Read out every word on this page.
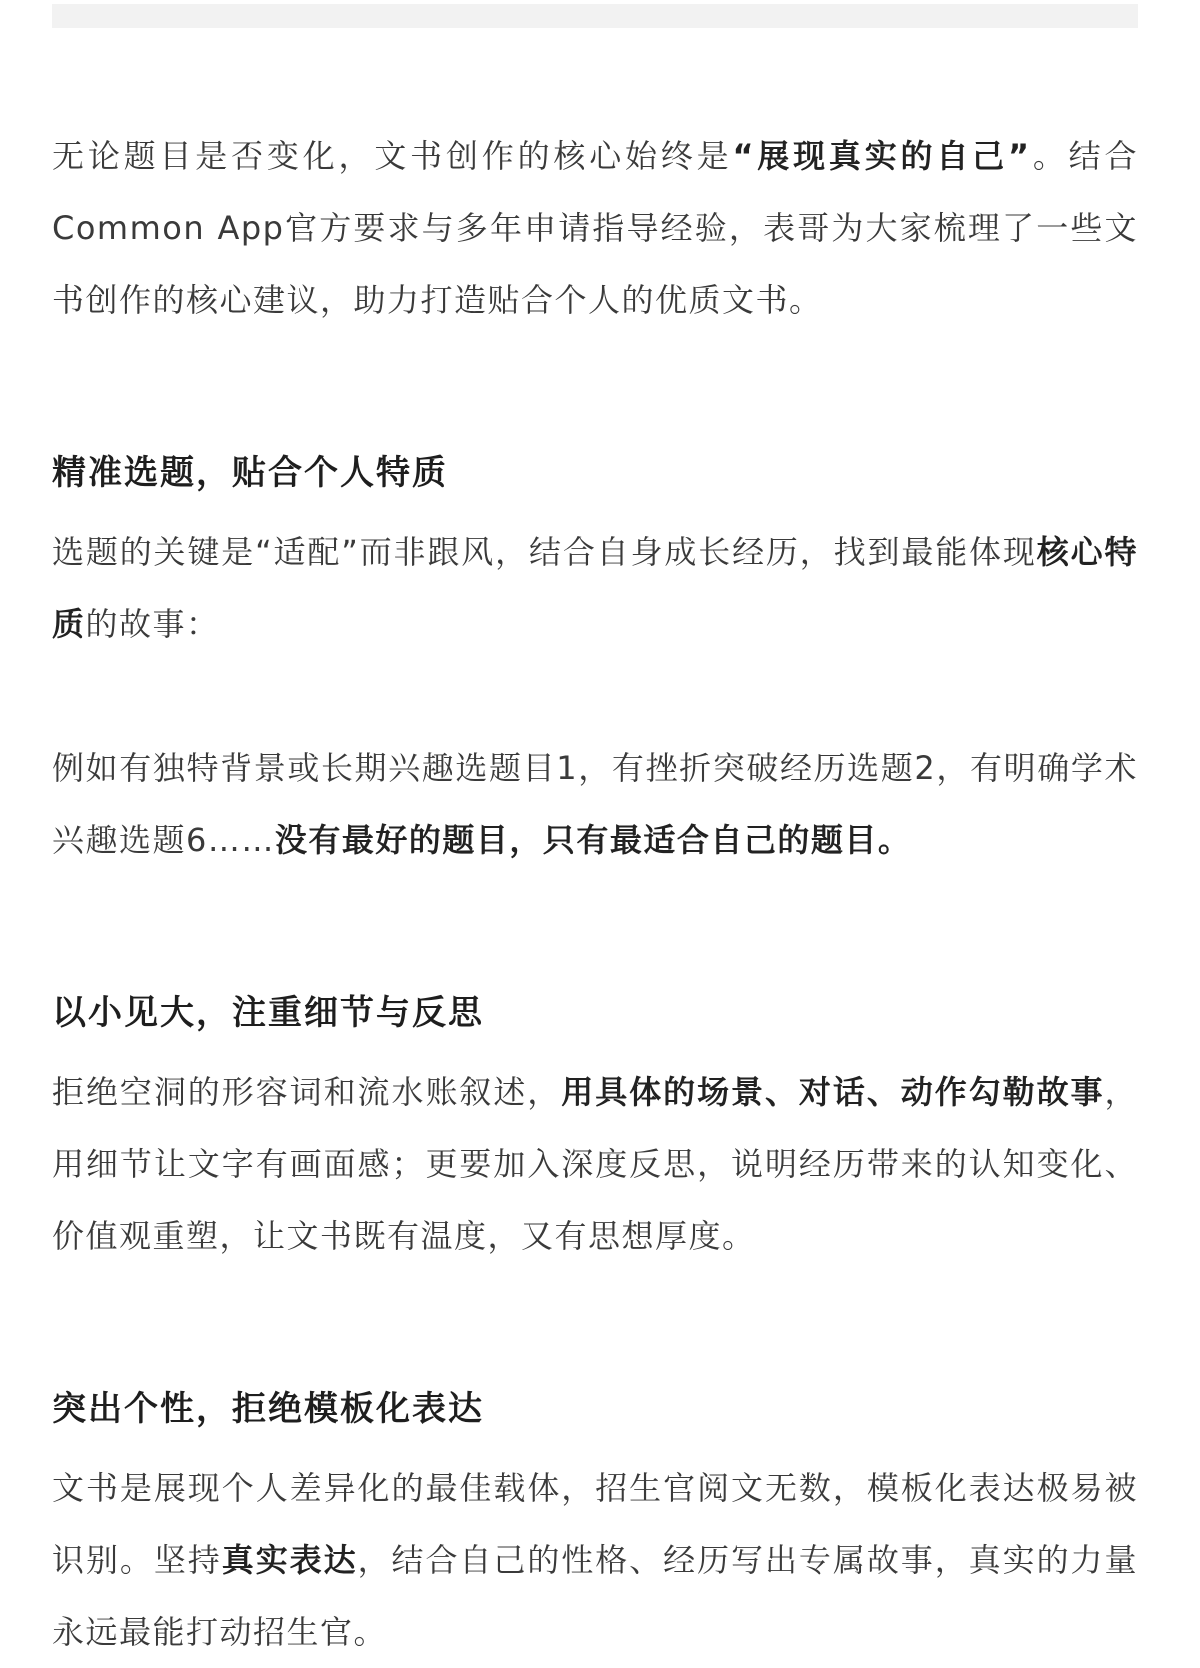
无论题目是否变化，文书创作的核心始终是“展现真实的自己”。结合Common App官方要求与多年申请指导经验，表哥为大家梳理了一些文书创作的核心建议，助力打造贴合个人的优质文书。

精准选题，贴合个人特质

选题的关键是“适配”而非跟风，结合自身成长经历，找到最能体现核心特质的故事：

例如有独特背景或长期兴趣选题目1，有挫折突破经历选题2，有明确学术兴趣选题6……没有最好的题目，只有最适合自己的题目。

以小见大，注重细节与反思

拒绝空洞的形容词和流水账叙述，用具体的场景、对话、动作勾勒故事，用细节让文字有画面感；更要加入深度反思，说明经历带来的认知变化、价值观重塑，让文书既有温度，又有思想厚度。

突出个性，拒绝模板化表达

文书是展现个人差异化的最佳载体，招生官阅文无数，模板化表达极易被识别。坚持真实表达，结合自己的性格、经历写出专属故事，真实的力量永远最能打动招生官。
